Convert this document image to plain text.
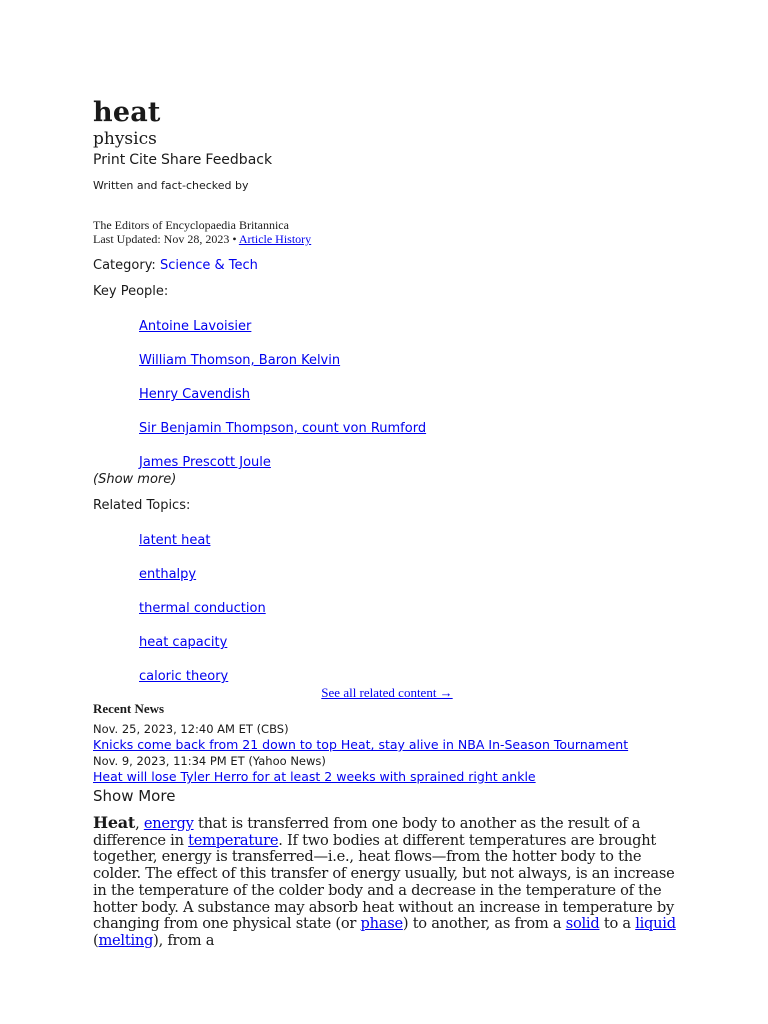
heat
physics
Print Cite Share Feedback
Written and fact-checked by
The Editors of Encyclopaedia Britannica
Last Updated: Nov 28, 2023 • Article History
Category: Science & Tech
Key People:
Antoine Lavoisier
William Thomson, Baron Kelvin
Henry Cavendish
Sir Benjamin Thompson, count von Rumford
James Prescott Joule
(Show more)
Related Topics:
latent heat
enthalpy
thermal conduction
heat capacity
caloric theory
See all related content →
Recent News
Nov. 25, 2023, 12:40 AM ET (CBS)
Knicks come back from 21 down to top Heat, stay alive in NBA In-Season Tournament
Nov. 9, 2023, 11:34 PM ET (Yahoo News)
Heat will lose Tyler Herro for at least 2 weeks with sprained right ankle
Show More

Heat, energy that is transferred from one body to another as the result of a difference in temperature. If two bodies at different temperatures are brought together, energy is transferred—i.e., heat flows—from the hotter body to the colder. The effect of this transfer of energy usually, but not always, is an increase in the temperature of the colder body and a decrease in the temperature of the hotter body. A substance may absorb heat without an increase in temperature by changing from one physical state (or phase) to another, as from a solid to a liquid (melting), from a
